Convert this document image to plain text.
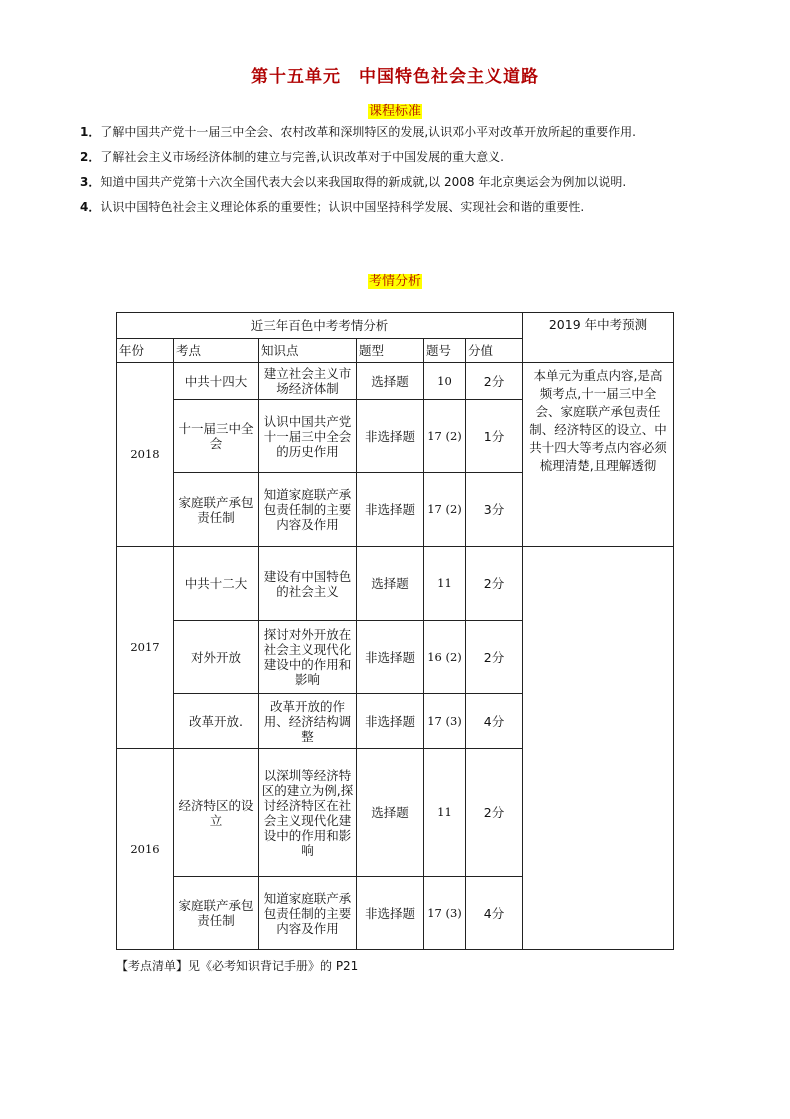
第十五单元　中国特色社会主义道路
课程标准
1．了解中国共产党十一届三中全会、农村改革和深圳特区的发展,认识邓小平对改革开放所起的重要作用.
2．了解社会主义市场经济体制的建立与完善,认识改革对于中国发展的重大意义.
3．知道中国共产党第十六次全国代表大会以来我国取得的新成就,以 2008 年北京奥运会为例加以说明.
4．认识中国特色社会主义理论体系的重要性；认识中国坚持科学发展、实现社会和谐的重要性.
考情分析
近三年百色中考考情分析						2019 年中考预测
年份	考点	知识点	题型	题号	分值	
2018	中共十四大	建立社会主义市场经济体制	选择题	10	2分	本单元为重点内容,是高频考点,十一届三中全会、家庭联产承包责任制、经济特区的设立、中共十四大等考点内容必须梳理清楚,且理解透彻
	十一届三中全会	认识中国共产党十一届三中全会的历史作用	非选择题	17 (2)	1分	
	家庭联产承包责任制	知道家庭联产承包责任制的主要内容及作用	非选择题	17 (2)	3分	
2017	中共十二大	建设有中国特色的社会主义	选择题	11	2分	
	对外开放	探讨对外开放在社会主义现代化建设中的作用和影响	非选择题	16 (2)	2分	
	改革开放.	改革开放的作用、经济结构调整	非选择题	17 (3)	4分	
2016	经济特区的设立	以深圳等经济特区的建立为例,探讨经济特区在社会主义现代化建设中的作用和影响	选择题	11	2分	
	家庭联产承包责任制	知道家庭联产承包责任制的主要内容及作用	非选择题	17 (3)	4分	
【考点清单】见《必考知识背记手册》的 P21
